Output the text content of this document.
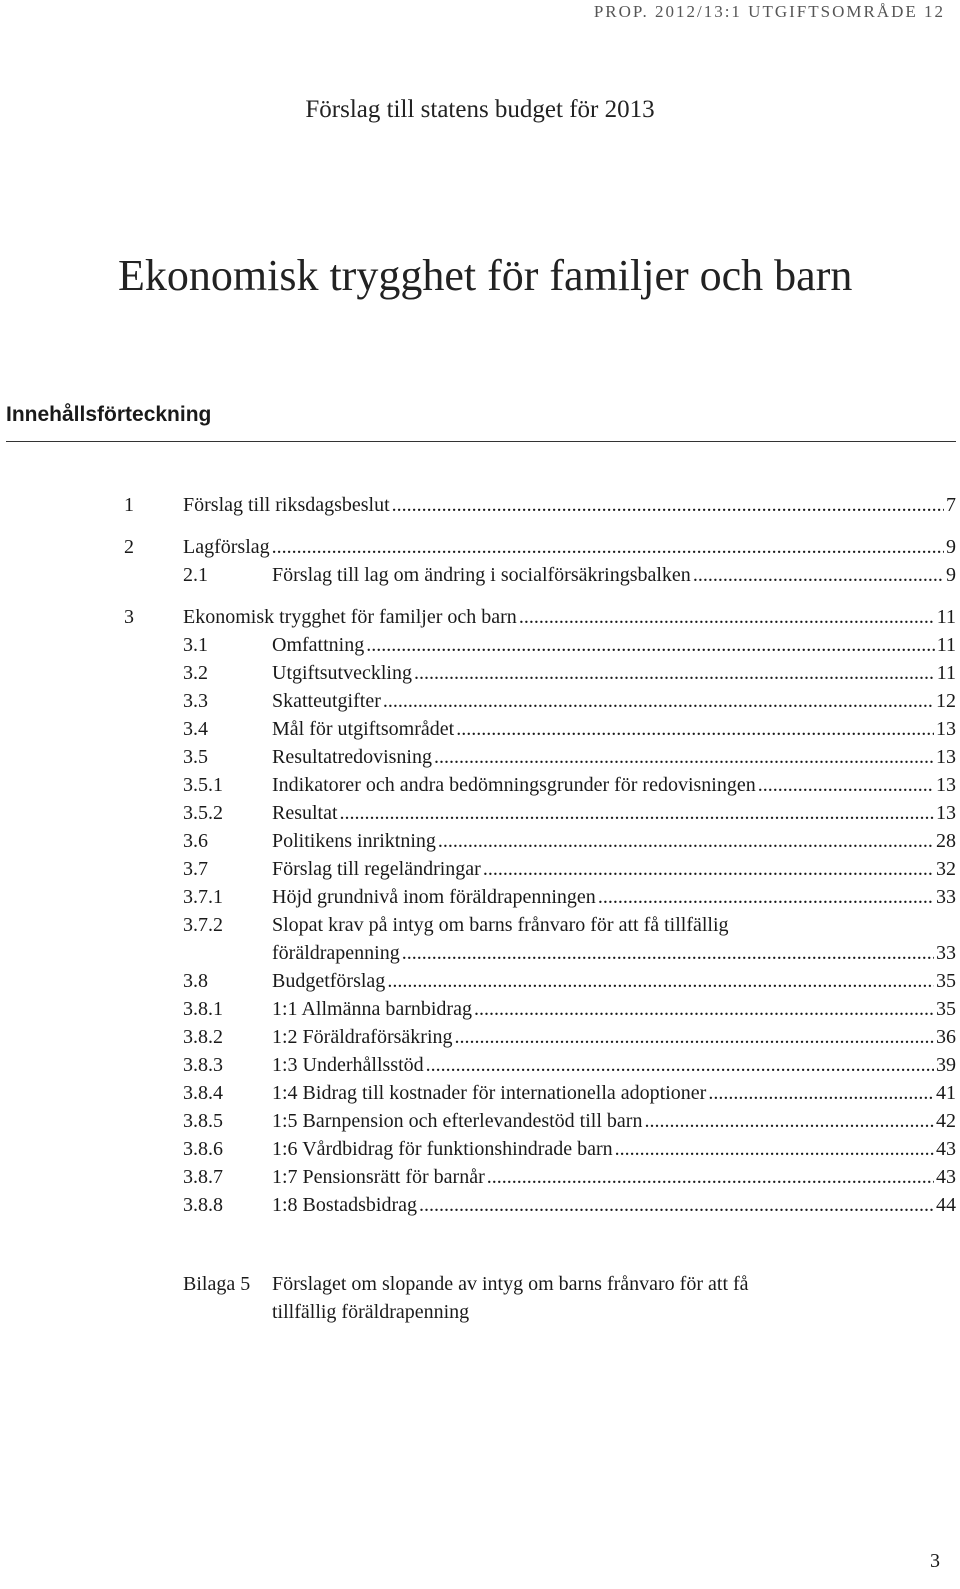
PROP. 2012/13:1 UTGIFTSOMRÅDE 12
Förslag till statens budget för 2013
Ekonomisk trygghet för familjer och barn
Innehållsförteckning
1 Förslag till riksdagsbeslut .....	7
2 Lagförslag .....	9
2.1	Förslag till lag om ändring i socialförsäkringsbalken .....	9
3 Ekonomisk trygghet för familjer och barn .....	11
3.1	Omfattning .....	11
3.2	Utgiftsutveckling .....	11
3.3	Skatteutgifter .....	12
3.4	Mål för utgiftsområdet .....	13
3.5	Resultatredovisning .....	13
3.5.1 Indikatorer och andra bedömningsgrunder för redovisningen .....	13
3.5.2 Resultat .....	13
3.6	Politikens inriktning .....	28
3.7	Förslag till regeländringar .....	32
3.7.1 Höjd grundnivå inom föräldrapenningen .....	33
3.7.2 Slopat krav på intyg om barns frånvaro för att få tillfällig
föräldrapenning .....	33
3.8	Budgetförslag .....	35
3.8.1 1:1 Allmänna barnbidrag .....	35
3.8.2 1:2 Föräldraförsäkring .....	36
3.8.3 1:3 Underhållsstöd .....	39
3.8.4 1:4 Bidrag till kostnader för internationella adoptioner .....	41
3.8.5 1:5 Barnpension och efterlevandestöd till barn .....	42
3.8.6 1:6 Vårdbidrag för funktionshindrade barn .....	43
3.8.7 1:7 Pensionsrätt för barnår .....	43
3.8.8 1:8 Bostadsbidrag .....	44
Bilaga 5 Förslaget om slopande av intyg om barns frånvaro för att få
tillfällig föräldrapenning
3
